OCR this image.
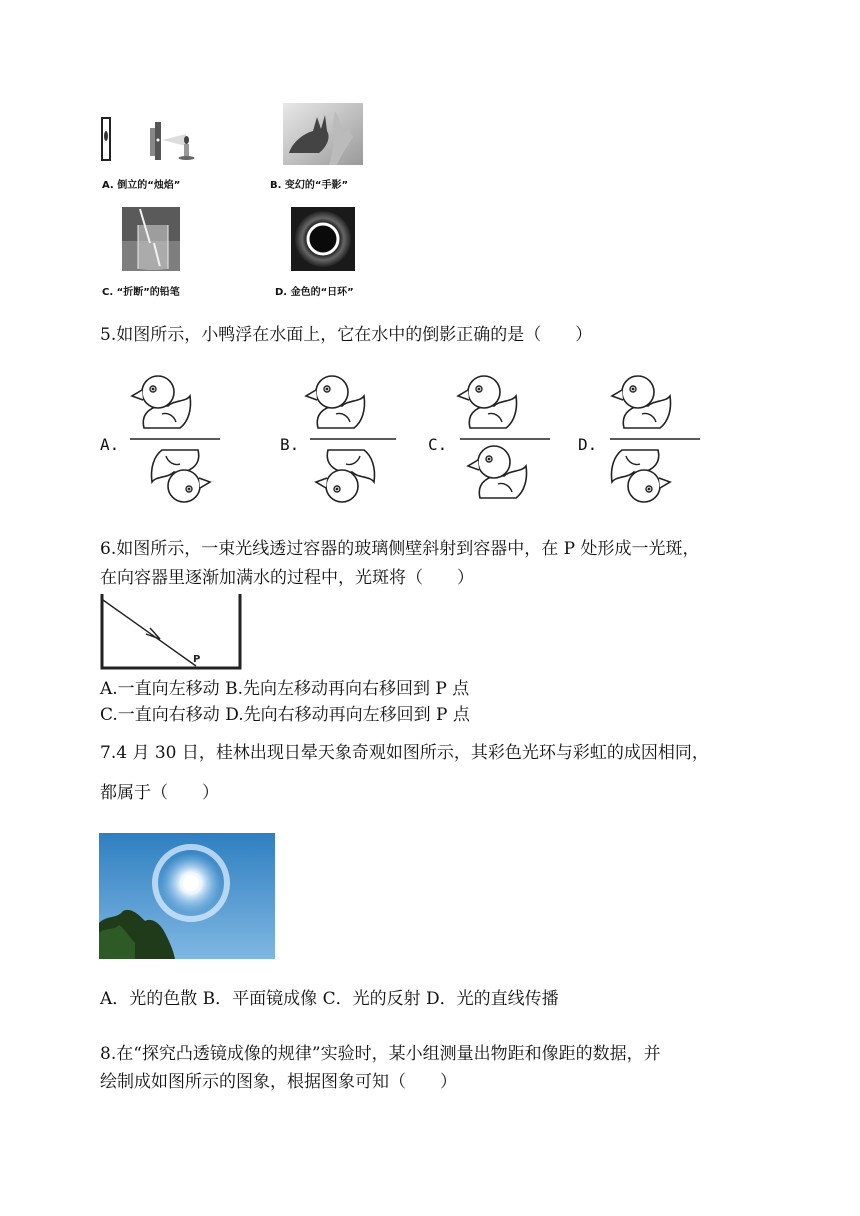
A. 倒立的“烛焰”	B. 变幻的“手影”
C. “折断”的铅笔	D. 金色的“日环”
5.如图所示，小鸭浮在水面上，它在水中的倒影正确的是（　　）
A.	B.	C.	D.
6.如图所示，一束光线透过容器的玻璃侧壁斜射到容器中，在 P 处形成一光斑，
在向容器里逐渐加满水的过程中，光斑将（　　）
P
A.一直向左移动 B.先向左移动再向右移回到 P 点
C.一直向右移动 D.先向右移动再向左移回到 P 点
7.4 月 30 日，桂林出现日晕天象奇观如图所示，其彩色光环与彩虹的成因相同，
都属于（　　）
A．光的色散 B．平面镜成像 C．光的反射 D．光的直线传播
8.在“探究凸透镜成像的规律”实验时，某小组测量出物距和像距的数据，并
绘制成如图所示的图象，根据图象可知（　　）
